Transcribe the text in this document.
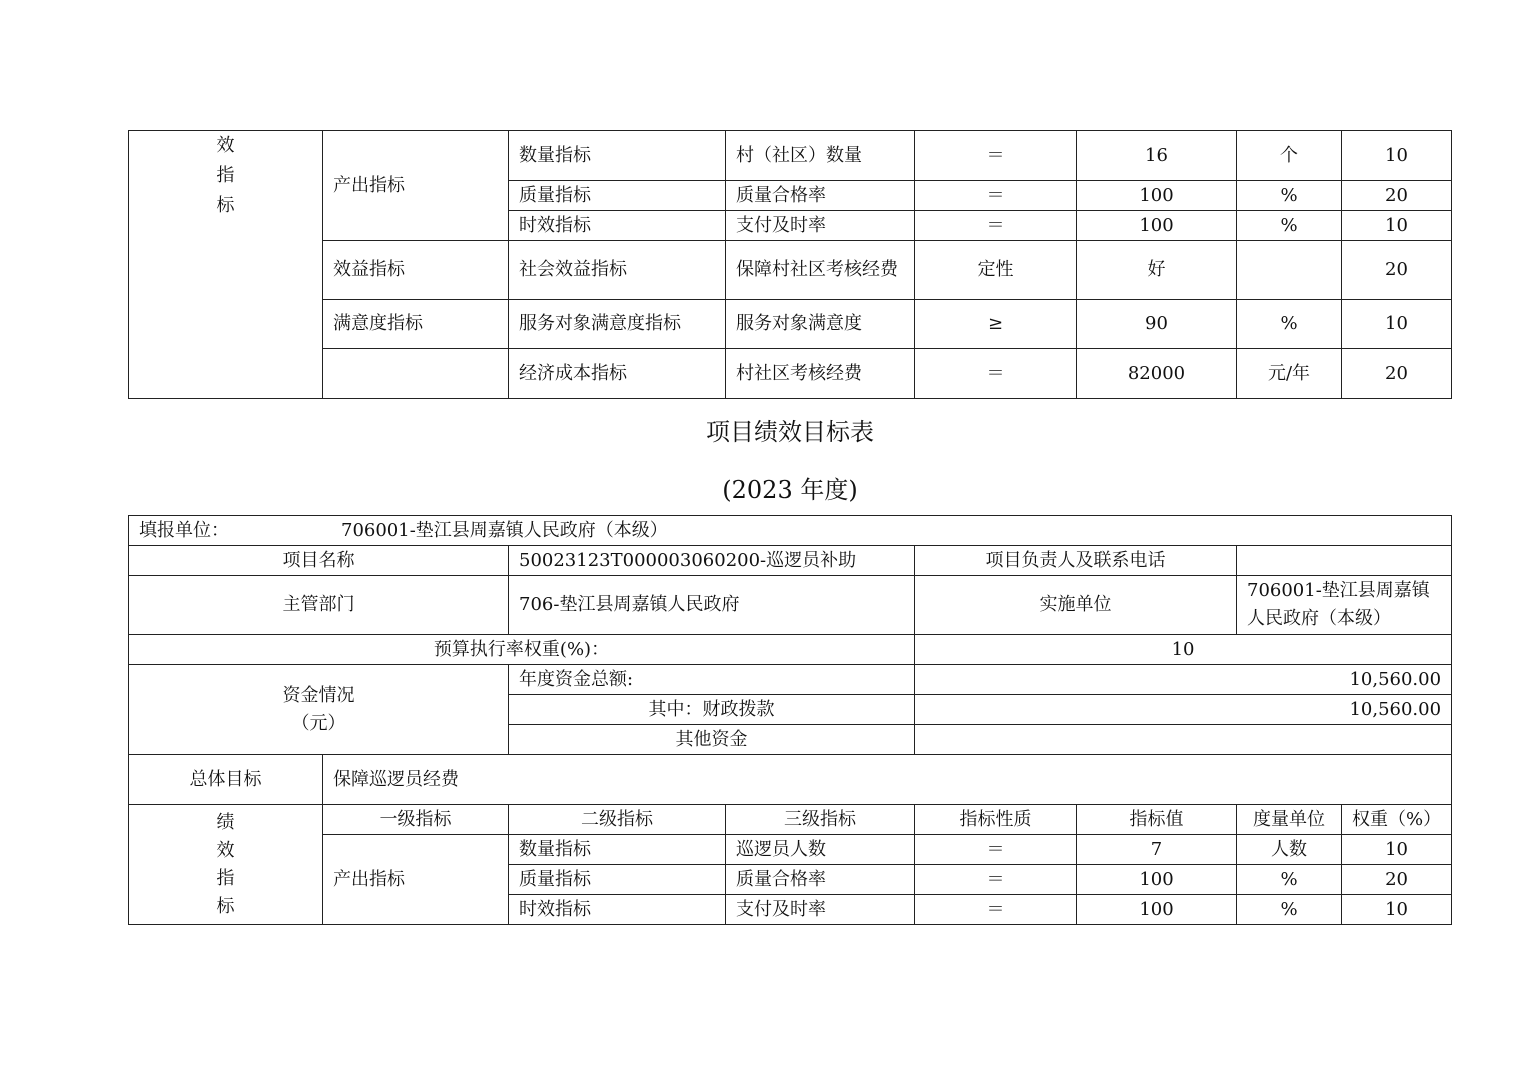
效
指
标	产出指标	数量指标	村（社区）数量	＝	16	个	10
		质量指标	质量合格率	＝	100	%	20
		时效指标	支付及时率	＝	100	%	10
	效益指标	社会效益指标	保障村社区考核经费	定性	好		20
	满意度指标	服务对象满意度指标	服务对象满意度	≥	90	%	10
		经济成本指标	村社区考核经费	＝	82000	元/年	20
项目绩效目标表
(2023 年度)
填报单位： 706001-垫江县周嘉镇人民政府（本级）							
项目名称		50023123T000003060200-巡逻员补助		项目负责人及联系电话			
主管部门		706-垫江县周嘉镇人民政府		实施单位		706001-垫江县周嘉镇人民政府（本级）	
预算执行率权重(%)：				10			

资金情况
（元）		年度资金总额:		10,560.00			
		其中：财政拨款		10,560.00			
		其他资金					
总体目标	保障巡逻员经费						

绩
效
指
标	一级指标	二级指标	三级指标	指标性质	指标值	度量单位	权重（%）
	产出指标	数量指标	巡逻员人数	＝	7	人数	10
		质量指标	质量合格率	＝	100	%	20
		时效指标	支付及时率	＝	100	%	10
